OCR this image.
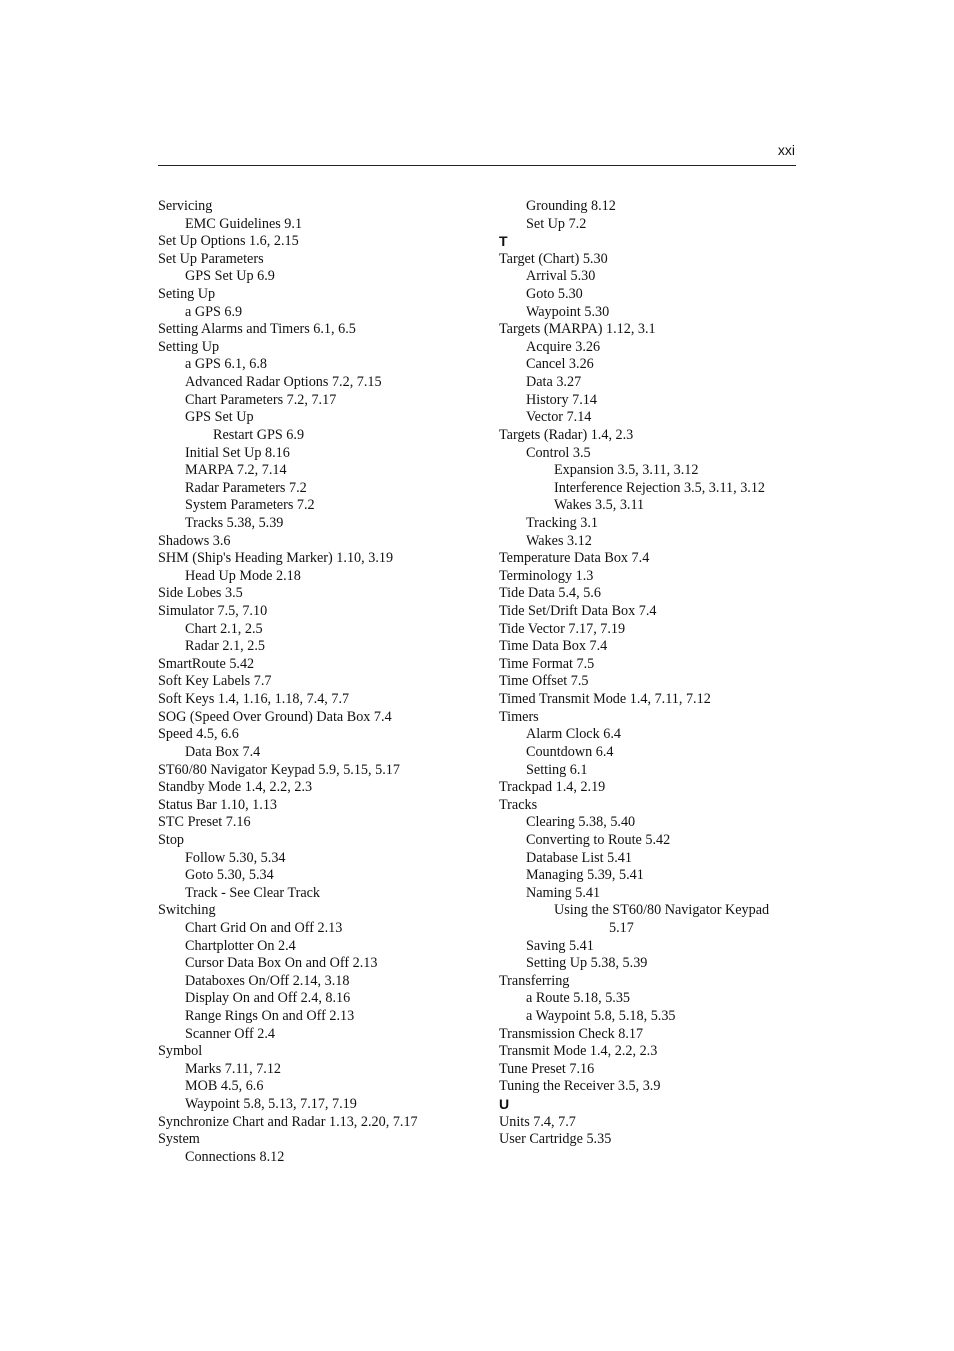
xxi
Servicing
EMC Guidelines 9.1
Set Up Options 1.6, 2.15
Set Up Parameters
GPS Set Up 6.9
Seting Up
a GPS 6.9
Setting Alarms and Timers 6.1, 6.5
Setting Up
a GPS 6.1, 6.8
Advanced Radar Options 7.2, 7.15
Chart Parameters 7.2, 7.17
GPS Set Up
Restart GPS 6.9
Initial Set Up 8.16
MARPA 7.2, 7.14
Radar Parameters 7.2
System Parameters 7.2
Tracks 5.38, 5.39
Shadows 3.6
SHM (Ship's Heading Marker) 1.10, 3.19
Head Up Mode 2.18
Side Lobes 3.5
Simulator 7.5, 7.10
Chart 2.1, 2.5
Radar 2.1, 2.5
SmartRoute 5.42
Soft Key Labels 7.7
Soft Keys 1.4, 1.16, 1.18, 7.4, 7.7
SOG (Speed Over Ground) Data Box 7.4
Speed 4.5, 6.6
Data Box 7.4
ST60/80 Navigator Keypad 5.9, 5.15, 5.17
Standby Mode 1.4, 2.2, 2.3
Status Bar 1.10, 1.13
STC Preset 7.16
Stop
Follow 5.30, 5.34
Goto 5.30, 5.34
Track - See Clear Track
Switching
Chart Grid On and Off 2.13
Chartplotter On 2.4
Cursor Data Box On and Off 2.13
Databoxes On/Off 2.14, 3.18
Display On and Off 2.4, 8.16
Range Rings On and Off 2.13
Scanner Off 2.4
Symbol
Marks 7.11, 7.12
MOB 4.5, 6.6
Waypoint 5.8, 5.13, 7.17, 7.19
Synchronize Chart and Radar 1.13, 2.20, 7.17
System
Connections 8.12
Grounding 8.12
Set Up 7.2
T
Target (Chart) 5.30
Arrival 5.30
Goto 5.30
Waypoint 5.30
Targets (MARPA) 1.12, 3.1
Acquire 3.26
Cancel 3.26
Data 3.27
History 7.14
Vector 7.14
Targets (Radar) 1.4, 2.3
Control 3.5
Expansion 3.5, 3.11, 3.12
Interference Rejection 3.5, 3.11, 3.12
Wakes 3.5, 3.11
Tracking 3.1
Wakes 3.12
Temperature Data Box 7.4
Terminology 1.3
Tide Data 5.4, 5.6
Tide Set/Drift Data Box 7.4
Tide Vector 7.17, 7.19
Time Data Box 7.4
Time Format 7.5
Time Offset 7.5
Timed Transmit Mode 1.4, 7.11, 7.12
Timers
Alarm Clock 6.4
Countdown 6.4
Setting 6.1
Trackpad 1.4, 2.19
Tracks
Clearing 5.38, 5.40
Converting to Route 5.42
Database List 5.41
Managing 5.39, 5.41
Naming 5.41
Using the ST60/80 Navigator Keypad
5.17
Saving 5.41
Setting Up 5.38, 5.39
Transferring
a Route 5.18, 5.35
a Waypoint 5.8, 5.18, 5.35
Transmission Check 8.17
Transmit Mode 1.4, 2.2, 2.3
Tune Preset 7.16
Tuning the Receiver 3.5, 3.9
U
Units 7.4, 7.7
User Cartridge 5.35
